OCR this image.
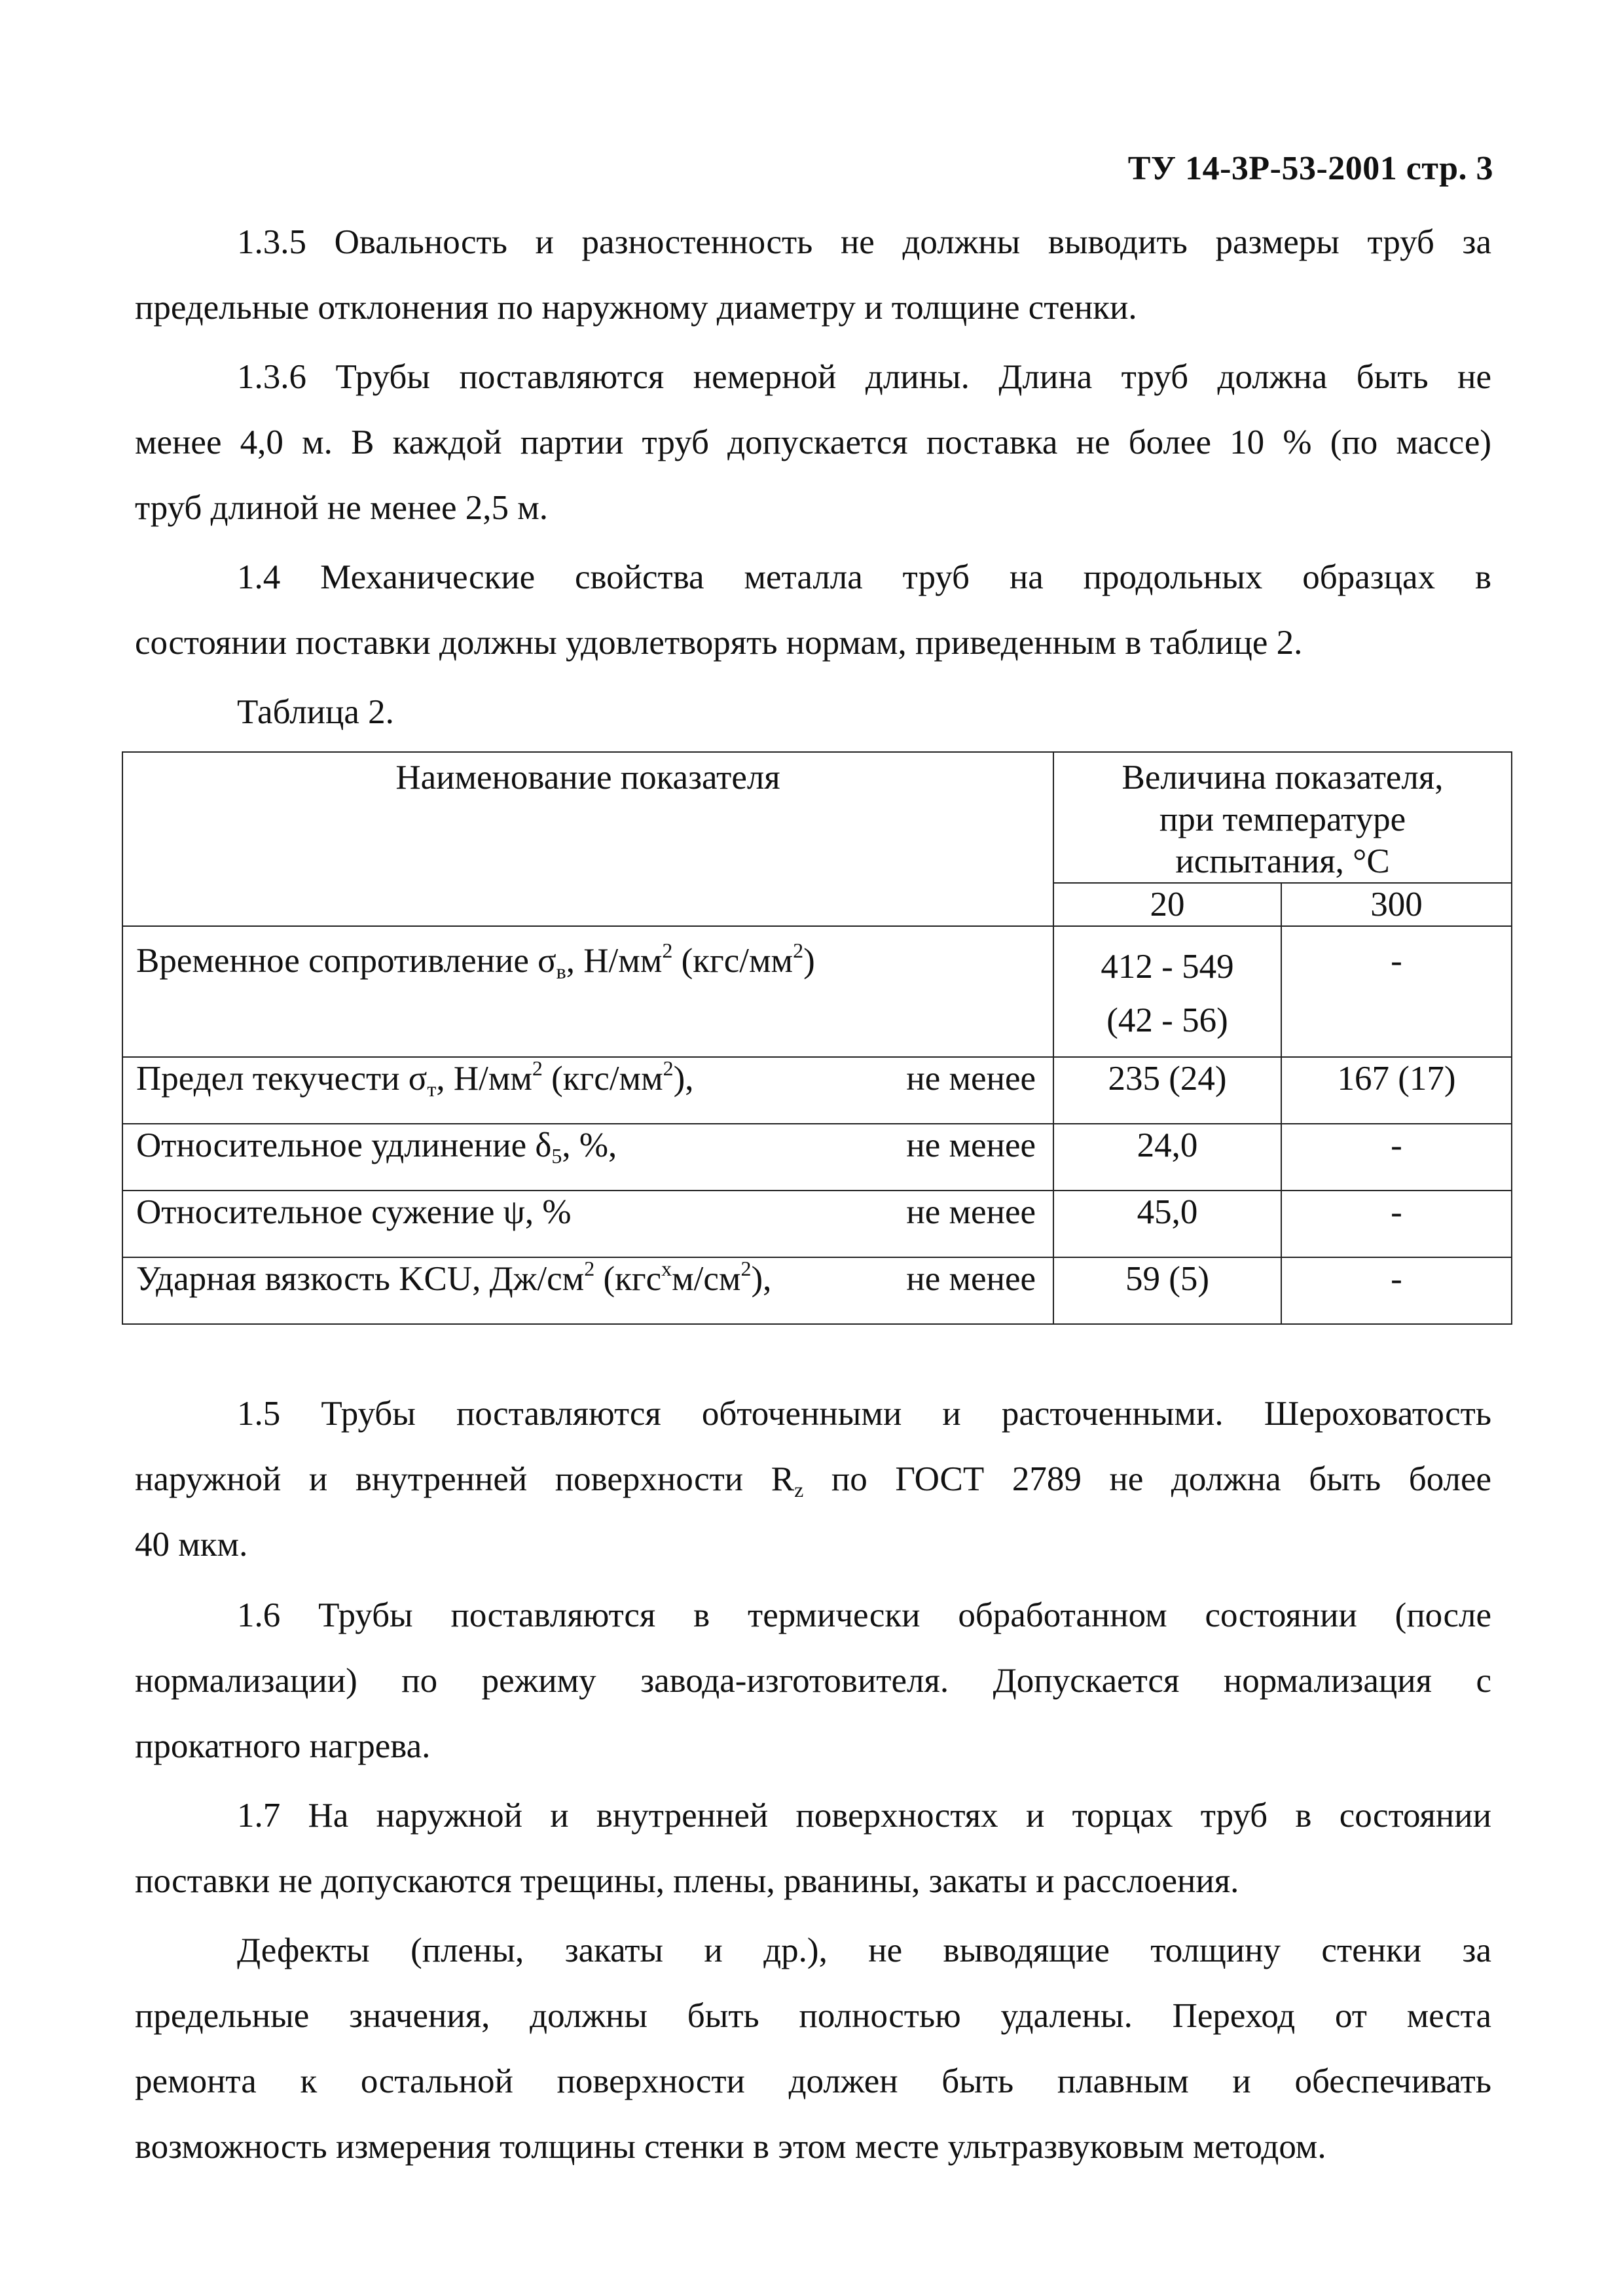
ТУ 14-3Р-53-2001 стр. 3
1.3.5 Овальность и разностенность не должны выводить размеры труб за
предельные отклонения по наружному диаметру и толщине стенки.
1.3.6 Трубы поставляются немерной длины. Длина труб должна быть не
менее 4,0 м. В каждой партии труб допускается поставка не более 10 % (по массе)
труб длиной не менее 2,5 м.
1.4 Механические свойства металла труб на продольных образцах в
состоянии поставки должны удовлетворять нормам, приведенным в таблице 2.
Таблица 2.
Наименование показателя	Величина показателя,
при температуре
испытания, °С	
	20	300

Временное сопротивление $\sigma_в$, $Н/мм^2$ $(кгс/мм^2)$	412 - 549
(42 - 56)	-

Предел текучести $\sigma_т$, $Н/мм^2$ $(кгс/мм^2)$, не менее	235 (24)	167 (17)

Относительное удлинение $\delta_5$, %, не менее	24,0	-

Относительное сужение ψ, % не менее	45,0	-

Ударная вязкость KCU, $Дж/см^2$ $(кгс^хм/см^2)$, не менее	59 (5)	-
1.5 Трубы поставляются обточенными и расточенными. Шероховатость
наружной и внутренней поверхности $R_z$ по ГОСТ 2789 не должна быть более
40 мкм.
1.6 Трубы поставляются в термически обработанном состоянии (после
нормализации) по режиму завода-изготовителя. Допускается нормализация с
прокатного нагрева.
1.7 На наружной и внутренней поверхностях и торцах труб в состоянии
поставки не допускаются трещины, плены, рванины, закаты и расслоения.
Дефекты (плены, закаты и др.), не выводящие толщину стенки за
предельные значения, должны быть полностью удалены. Переход от места
ремонта к остальной поверхности должен быть плавным и обеспечивать
возможность измерения толщины стенки в этом месте ультразвуковым методом.
